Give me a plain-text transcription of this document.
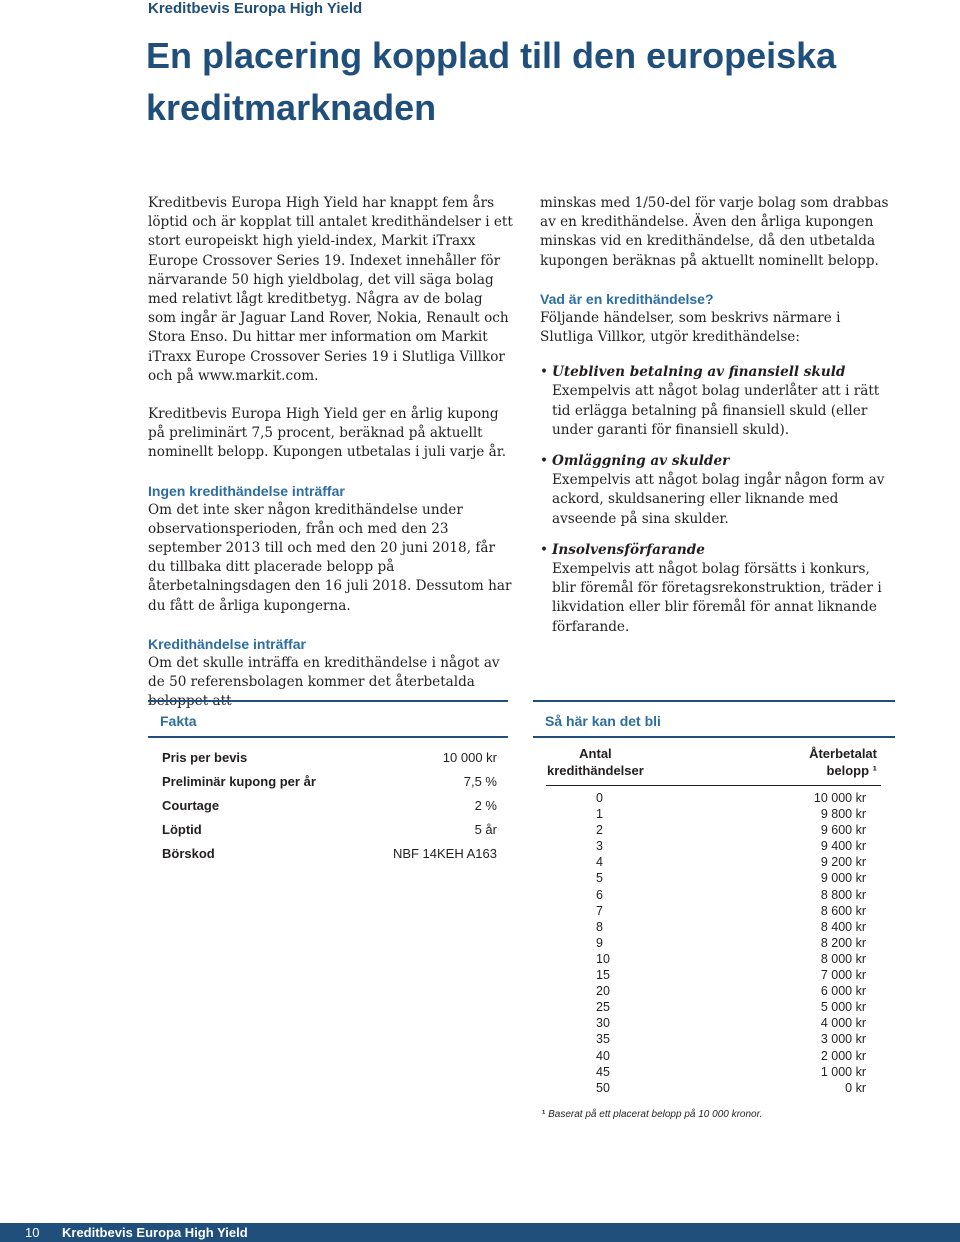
Kreditbevis Europa High Yield
En placering kopplad till den europeiska kreditmarknaden

Kreditbevis Europa High Yield har knappt fem års löptid och är kopplat till antalet kredithändelser i ett stort europeiskt high yield-index, Markit iTraxx Europe Crossover Series 19. Indexet innehåller för närvarande 50 high yieldbolag, det vill säga bolag med relativt lågt kreditbetyg. Några av de bolag som ingår är Jaguar Land Rover, Nokia, Renault och Stora Enso. Du hittar mer information om Markit iTraxx Europe Crossover Series 19 i Slutliga Villkor och på www.markit.com.

Kreditbevis Europa High Yield ger en årlig kupong på preliminärt 7,5 procent, beräknad på aktuellt nominellt belopp. Kupongen utbetalas i juli varje år.

Ingen kredithändelse inträffar

Om det inte sker någon kredithändelse under observationsperioden, från och med den 23 september 2013 till och med den 20 juni 2018, får du tillbaka ditt placerade belopp på återbetalningsdagen den 16 juli 2018. Dessutom har du fått de årliga kupongerna.

Kredithändelse inträffar

Om det skulle inträffa en kredithändelse i något av de 50 referensbolagen kommer det återbetalda

minskas med 1/50-del för varje bolag som drabbas av en kredithändelse. Även den årliga kupongen minskas vid en kredithändelse, då den utbetalda kupongen beräknas på aktuellt nominellt belopp.

Vad är en kredithändelse?

Följande händelser, som beskrivs närmare i Slutliga Villkor, utgör kredithändelse:

• Utebliven betalning av finansiell skuld
Exempelvis att något bolag underlåter att i rätt tid erlägga betalning på finansiell skuld (eller under garanti för finansiell skuld).
• Omläggning av skulder
Exempelvis att något bolag ingår någon form av ackord, skuldsanering eller liknande med avseende på sina skulder.
• Insolvensförfarande
Exempelvis att något bolag försätts i konkurs, blir föremål för företagsrekonstruktion, träder i likvidation eller blir föremål för annat liknande förfarande.
Fakta
Pris per bevis	10 000 kr
Preliminär kupong per år	7,5 %
Courtage	2 %
Löptid	5 år
Börskod	NBF 14KEH A163
Så här kan det bli
Antal
kredithändelser
Återbetalat
belopp ¹
0	10 000 kr
1	9 800 kr
2	9 600 kr
3	9 400 kr
4	9 200 kr
5	9 000 kr
6	8 800 kr
7	8 600 kr
8	8 400 kr
9	8 200 kr
10	8 000 kr
15	7 000 kr
20	6 000 kr
25	5 000 kr
30	4 000 kr
35	3 000 kr
40	2 000 kr
45	1 000 kr
50	0 kr
¹ Baserat på ett placerat belopp på 10 000 kronor.
10 Kreditbevis Europa High Yield
